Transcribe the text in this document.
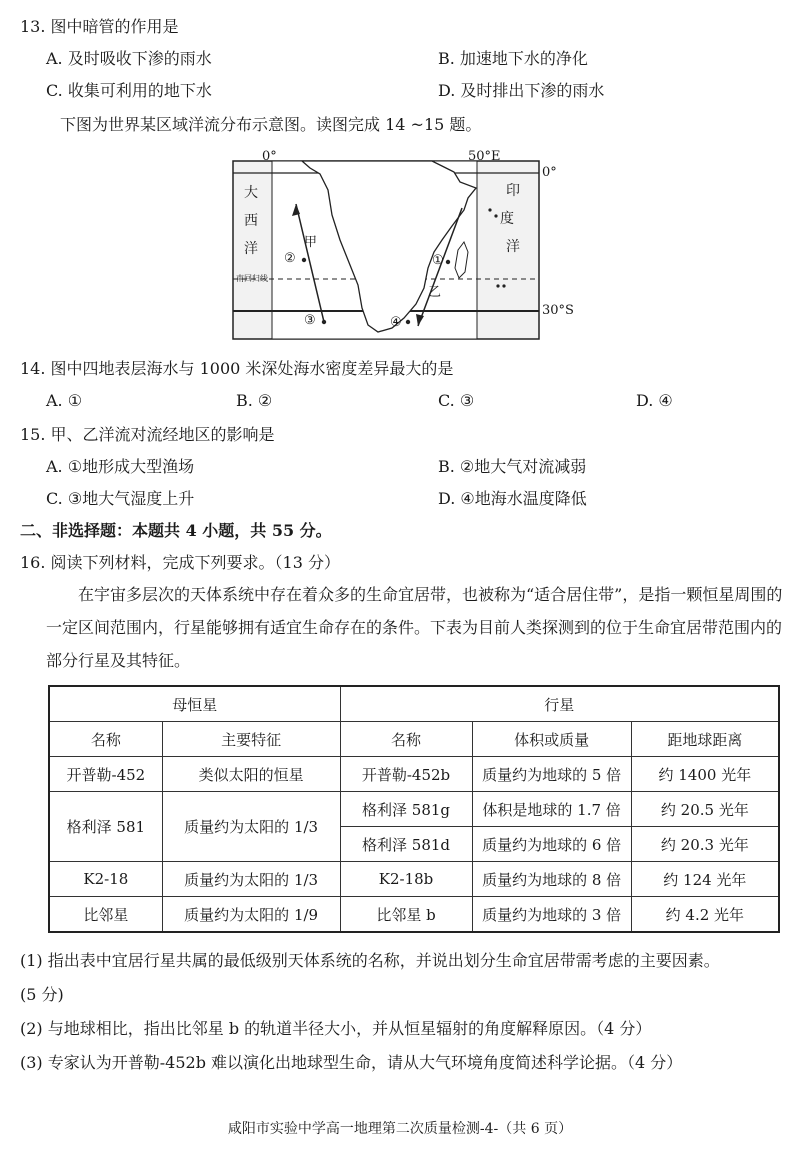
13. 图中暗管的作用是
A. 及时吸收下渗的雨水	B. 加速地下水的净化
C. 收集可利用的地下水	D. 及时排出下渗的雨水
下图为世界某区域洋流分布示意图。读图完成 14 ~15 题。
0°	50°E
0°
30°S
大
西
洋
印
度
洋
甲
乙
南回归线
①
②
③	④
14. 图中四地表层海水与 1000 米深处海水密度差异最大的是
A. ①	B. ②	C. ③	D. ④
15. 甲、乙洋流对流经地区的影响是
A. ①地形成大型渔场	B. ②地大气对流减弱
C. ③地大气湿度上升	D. ④地海水温度降低
二、非选择题：本题共 4 小题，共 55 分。
16. 阅读下列材料，完成下列要求。（13 分）
在宇宙多层次的天体系统中存在着众多的生命宜居带，也被称为“适合居住带”，是指一颗恒星周围的一定区间范围内，行星能够拥有适宜生命存在的条件。下表为目前人类探测到的位于生命宜居带范围内的部分行星及其特征。
母恒星		行星		
名称	主要特征	名称	体积或质量	距地球距离
开普勒-452	类似太阳的恒星	开普勒-452b	质量约为地球的 5 倍	约 1400 光年
格利泽 581	质量约为太阳的 1/3	格利泽 581g	体积是地球的 1.7 倍	约 20.5 光年
		格利泽 581d	质量约为地球的 6 倍	约 20.3 光年
K2-18	质量约为太阳的 1/3	K2-18b	质量约为地球的 8 倍	约 124 光年
比邻星	质量约为太阳的 1/9	比邻星 b	质量约为地球的 3 倍	约 4.2 光年
(1) 指出表中宜居行星共属的最低级别天体系统的名称，并说出划分生命宜居带需考虑的主要因素。
(5 分)
(2) 与地球相比，指出比邻星 b 的轨道半径大小，并从恒星辐射的角度解释原因。（4 分）
(3) 专家认为开普勒-452b 难以演化出地球型生命，请从大气环境角度简述科学论据。（4 分）
咸阳市实验中学高一地理第二次质量检测-4-（共 6 页）
